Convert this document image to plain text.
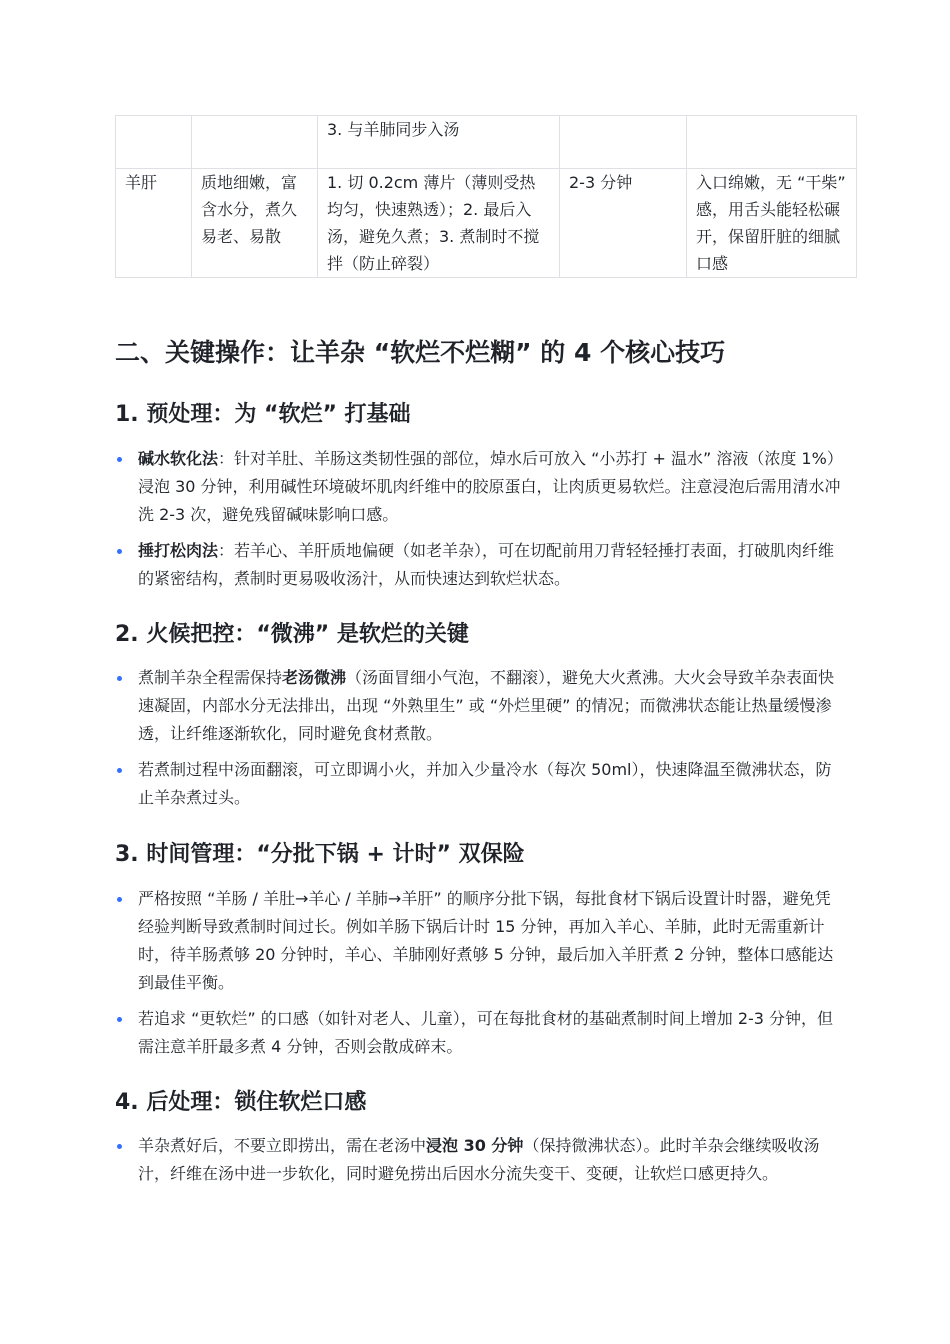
		3. 与羊肺同步入汤		
羊肝	质地细嫩，富含水分，煮久易老、易散	1. 切 0.2cm 薄片（薄则受热均匀，快速熟透）；2. 最后入汤，避免久煮；3. 煮制时不搅拌（防止碎裂）	2-3 分钟	入口绵嫩，无 “干柴” 感，用舌头能轻松碾开，保留肝脏的细腻口感
二、关键操作：让羊杂 “软烂不烂糊” 的 4 个核心技巧
1. 预处理：为 “软烂” 打基础
碱水软化法：针对羊肚、羊肠这类韧性强的部位，焯水后可放入 “小苏打 + 温水” 溶液（浓度 1%）浸泡 30 分钟，利用碱性环境破坏肌肉纤维中的胶原蛋白，让肉质更易软烂。注意浸泡后需用清水冲洗 2-3 次，避免残留碱味影响口感。
捶打松肉法：若羊心、羊肝质地偏硬（如老羊杂），可在切配前用刀背轻轻捶打表面，打破肌肉纤维的紧密结构，煮制时更易吸收汤汁，从而快速达到软烂状态。
2. 火候把控：“微沸” 是软烂的关键
煮制羊杂全程需保持老汤微沸（汤面冒细小气泡，不翻滚），避免大火煮沸。大火会导致羊杂表面快速凝固，内部水分无法排出，出现 “外熟里生” 或 “外烂里硬” 的情况；而微沸状态能让热量缓慢渗透，让纤维逐渐软化，同时避免食材煮散。
若煮制过程中汤面翻滚，可立即调小火，并加入少量冷水（每次 50ml），快速降温至微沸状态，防止羊杂煮过头。
3. 时间管理：“分批下锅 + 计时” 双保险
严格按照 “羊肠 / 羊肚→羊心 / 羊肺→羊肝” 的顺序分批下锅，每批食材下锅后设置计时器，避免凭经验判断导致煮制时间过长。例如羊肠下锅后计时 15 分钟，再加入羊心、羊肺，此时无需重新计时，待羊肠煮够 20 分钟时，羊心、羊肺刚好煮够 5 分钟，最后加入羊肝煮 2 分钟，整体口感能达到最佳平衡。
若追求 “更软烂” 的口感（如针对老人、儿童），可在每批食材的基础煮制时间上增加 2-3 分钟，但需注意羊肝最多煮 4 分钟，否则会散成碎末。
4. 后处理：锁住软烂口感
羊杂煮好后，不要立即捞出，需在老汤中浸泡 30 分钟（保持微沸状态）。此时羊杂会继续吸收汤汁，纤维在汤中进一步软化，同时避免捞出后因水分流失变干、变硬，让软烂口感更持久。
